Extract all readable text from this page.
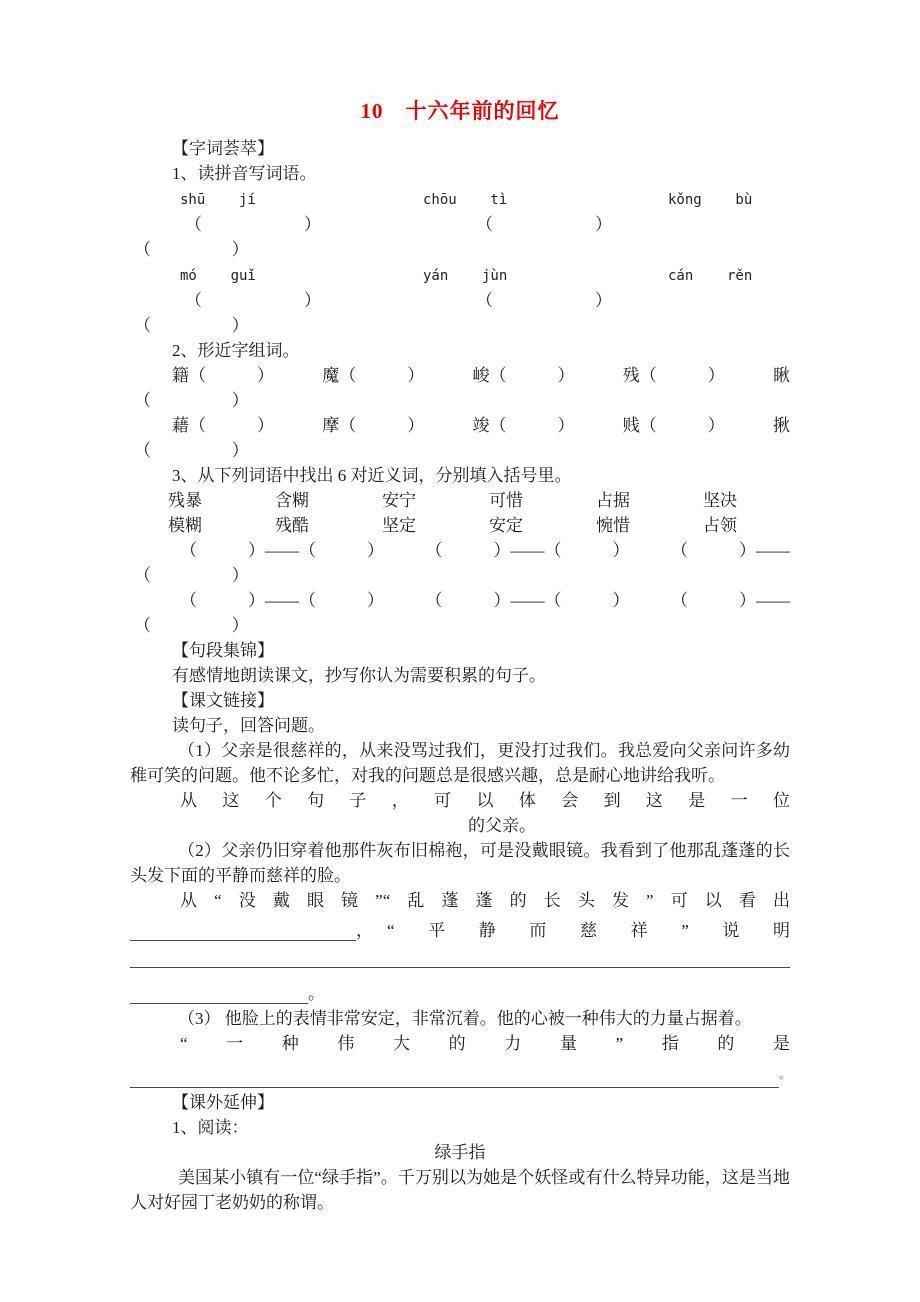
10　十六年前的回忆
【字词荟萃】
1、读拼音写词语。
shū    jí	chōu    tì	kǒng    bù
（                        ）	（                        ）
（                   ）
mó    guǐ	yán    jùn	cán    rěn
（                        ）	（                        ）
（                   ）
2、形近字组词。
籍（            ）	魔（            ）	峻（            ）	残（            ）	瞅
（                   ）
藉（            ）	摩（            ）	竣（            ）	贱（            ）	揪
（                   ）
3、从下列词语中找出 6 对近义词，分别填入括号里。
残暴	含糊	安宁	可惜	占据	坚决
模糊	残酷	坚定	安定	惋惜	占领
（            ）——（            ） （            ）——（            ） （            ）——
（                   ）
（            ）——（            ） （            ）——（            ） （            ）——
（                   ）
【句段集锦】
有感情地朗读课文，抄写你认为需要积累的句子。
【课文链接】
读句子，回答问题。
（1）父亲是很慈祥的，从来没骂过我们，更没打过我们。我总爱向父亲问许多幼稚可笑的问题。他不论多忙，对我的问题总是很感兴趣，总是耐心地讲给我听。
从这个句子，可以体会到这是一位
的父亲。
（2）父亲仍旧穿着他那件灰布旧棉袍，可是没戴眼镜。我看到了他那乱蓬蓬的长头发下面的平静而慈祥的脸。
从“没戴眼镜”“乱蓬蓬的长头发”可以看出
， “平静而慈祥”说明
。
（3） 他脸上的表情非常安定，非常沉着。他的心被一种伟大的力量占据着。
“一种伟大的力量”指的是
。
【课外延伸】
1、阅读：
绿手指
美国某小镇有一位“绿手指”。千万别以为她是个妖怪或有什么特异功能，这是当地人对好园丁老奶奶的称谓。
